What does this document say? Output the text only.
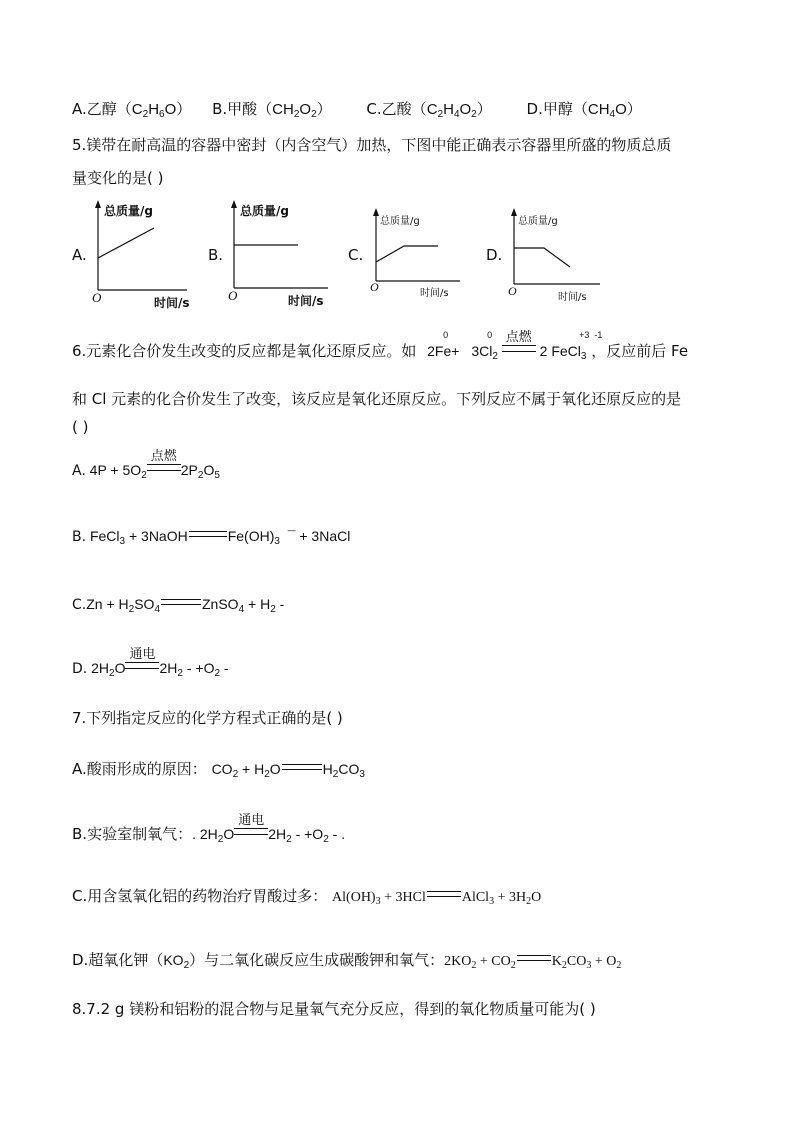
A.乙醇$(C_2H_6O)$ B.甲酸$(CH_2O_2)$ C.乙酸$(C_2H_4O_2)$ D.甲醇$(CH_4O)$
5.镁带在耐高温的容器中密封（内含空气）加热，下图中能正确表示容器里所盛的物质总质
量变化的是( )
A.
总质量/g
O	时间/s
B.
总质量/g
O	时间/s
C.
总质量/g
O	时间/s
D.
总质量/g
O	时间/s
6.元素化合价发生改变的反应都是氧化还原反应。如
0
2Fe+
0
$3Cl_2$
点燃
2 FeCl$_3$
+3  -1
，反应前后 Fe
和 Cl 元素的化合价发生了改变，该反应是氧化还原反应。下列反应不属于氧化还原反应的是
( )
A. $4P + 5O_2$
点燃
$2P_2O_5$
B. FeCl$_3$ + 3NaOH	$Fe(OH)_3$  ¯ + 3NaCl
$C.Zn + H_2SO_4$	ZnSO$_4$ + $H_2$ -
D. $2H_2O$
通电
$2H_2 - +O_2$ -
7.下列指定反应的化学方程式正确的是( )
A.酸雨形成的原因： $CO_2 + H_2O$	$H_2CO_3$
B.实验室制氧气：. $2H_2O$
通电
$2H_2 - +O_2$ - .
C.用含氢氧化铝的药物治疗胃酸过多： $Al(OH)_3 + 3HCl$	AlCl$_3$ + $3H_2O$
D.超氧化钾$(KO_2)$与二氧化碳反应生成碳酸钾和氧气：$2KO_2 + CO_2$	$K_2CO_3 + O_2$
8.7.2 g 镁粉和铝粉的混合物与足量氧气充分反应，得到的氧化物质量可能为( )
